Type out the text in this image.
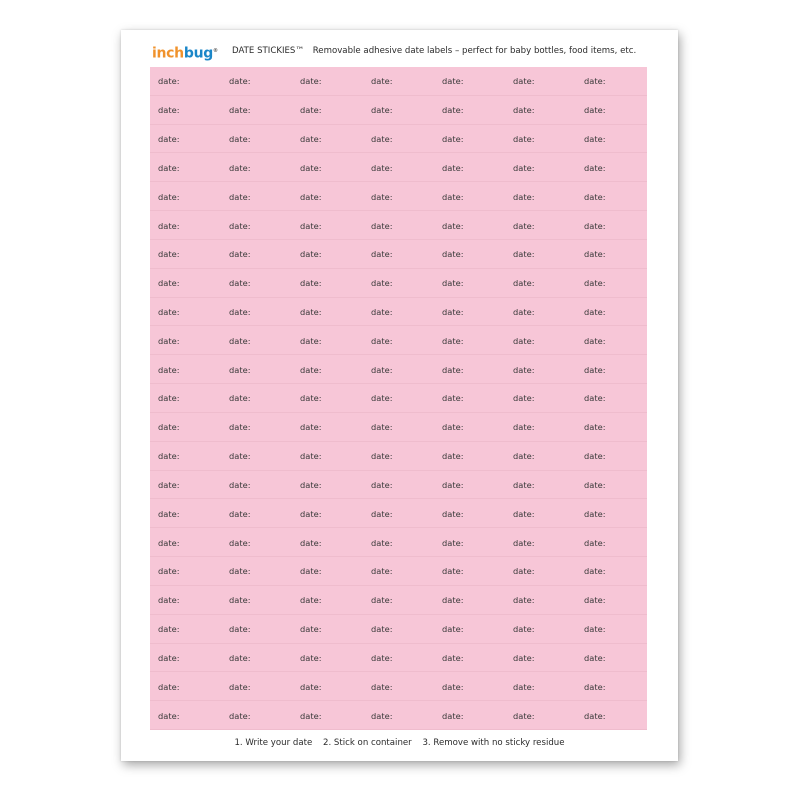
inchbug® DATE STICKIES™ Removable adhesive date labels – perfect for baby bottles, food items, etc.
date:	date:	date:	date:	date:	date:	date:
date:	date:	date:	date:	date:	date:	date:
date:	date:	date:	date:	date:	date:	date:
date:	date:	date:	date:	date:	date:	date:
date:	date:	date:	date:	date:	date:	date:
date:	date:	date:	date:	date:	date:	date:
date:	date:	date:	date:	date:	date:	date:
date:	date:	date:	date:	date:	date:	date:
date:	date:	date:	date:	date:	date:	date:
date:	date:	date:	date:	date:	date:	date:
date:	date:	date:	date:	date:	date:	date:
date:	date:	date:	date:	date:	date:	date:
date:	date:	date:	date:	date:	date:	date:
date:	date:	date:	date:	date:	date:	date:
date:	date:	date:	date:	date:	date:	date:
date:	date:	date:	date:	date:	date:	date:
date:	date:	date:	date:	date:	date:	date:
date:	date:	date:	date:	date:	date:	date:
date:	date:	date:	date:	date:	date:	date:
date:	date:	date:	date:	date:	date:	date:
date:	date:	date:	date:	date:	date:	date:
date:	date:	date:	date:	date:	date:	date:
date:	date:	date:	date:	date:	date:	date:
1. Write your date 2. Stick on container 3. Remove with no sticky residue
